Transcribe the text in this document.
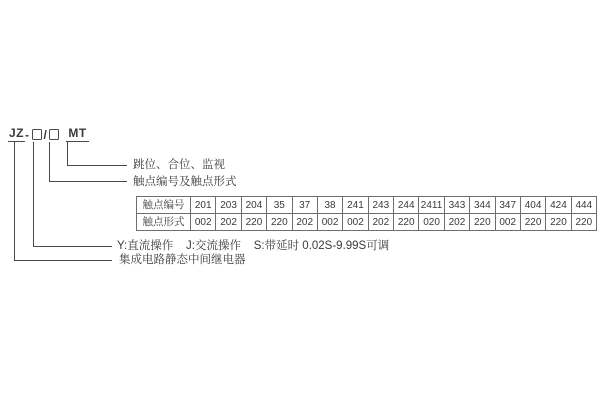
JZ - / MT
跳位、合位、监视
触点编号及触点形式
Y:直流操作    J:交流操作    S:带延时 0.02S-9.99S可调
集成电路静态中间继电器
触点编号	201	203	204	35	37	38	241	243	244	2411	343	344	347	404	424	444
触点形式	002	202	220	220	202	002	002	202	220	020	202	220	002	220	220	220
